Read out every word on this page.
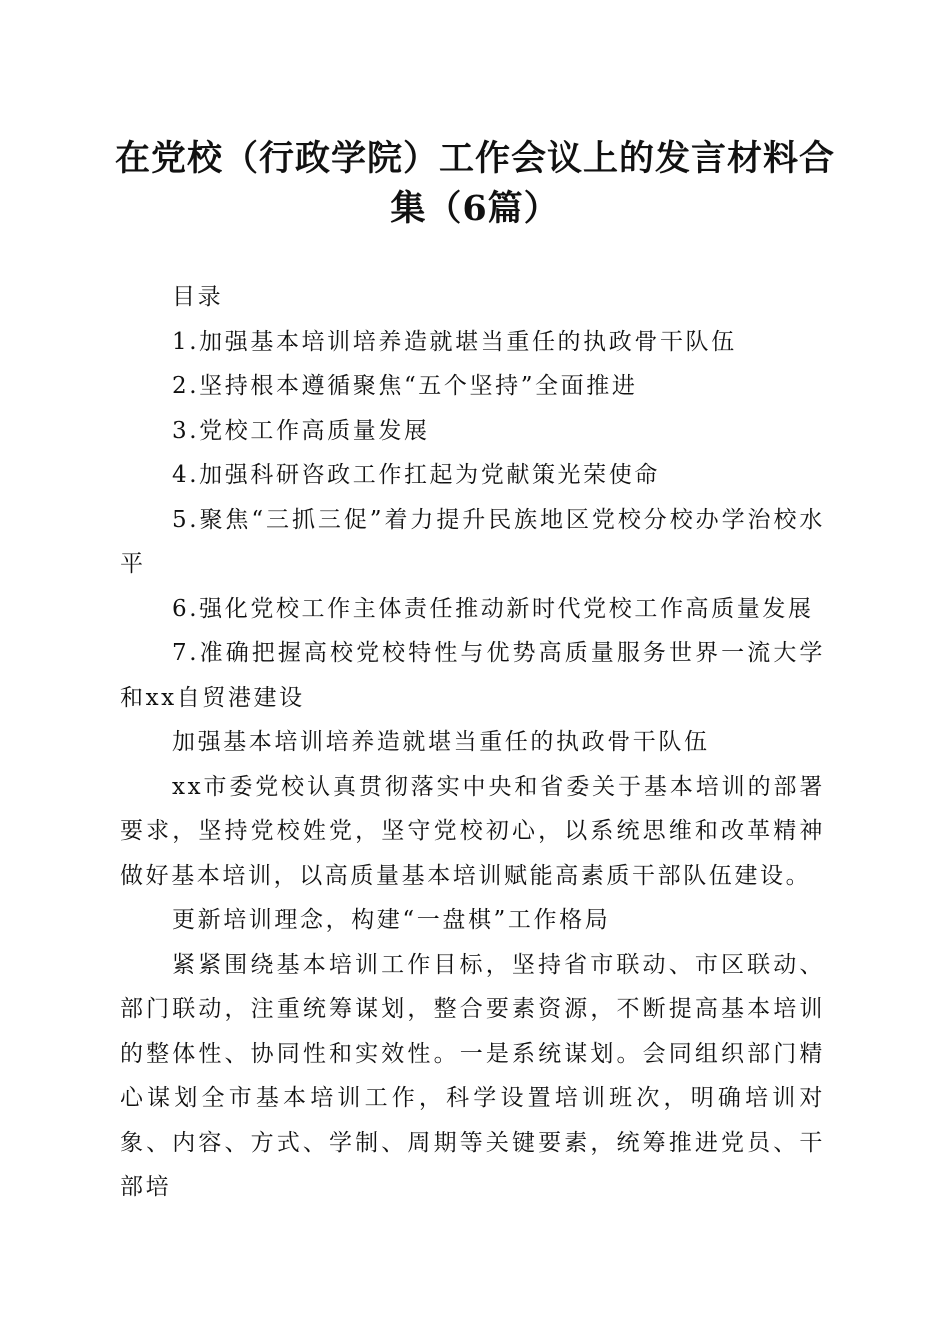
在党校（行政学院）工作会议上的发言材料合
集（6篇）

目录

1.加强基本培训培养造就堪当重任的执政骨干队伍

2.坚持根本遵循聚焦“五个坚持”全面推进

3.党校工作高质量发展

4.加强科研咨政工作扛起为党献策光荣使命

5.聚焦“三抓三促”着力提升民族地区党校分校办学治校水平

6.强化党校工作主体责任推动新时代党校工作高质量发展

7.准确把握高校党校特性与优势高质量服务世界一流大学和xx自贸港建设

加强基本培训培养造就堪当重任的执政骨干队伍

xx市委党校认真贯彻落实中央和省委关于基本培训的部署要求，坚持党校姓党，坚守党校初心，以系统思维和改革精神做好基本培训，以高质量基本培训赋能高素质干部队伍建设。

更新培训理念，构建“一盘棋”工作格局

紧紧围绕基本培训工作目标，坚持省市联动、市区联动、部门联动，注重统筹谋划，整合要素资源，不断提高基本培训的整体性、协同性和实效性。一是系统谋划。会同组织部门精心谋划全市基本培训工作，科学设置培训班次，明确培训对象、内容、方式、学制、周期等关键要素，统筹推进党员、干部培
